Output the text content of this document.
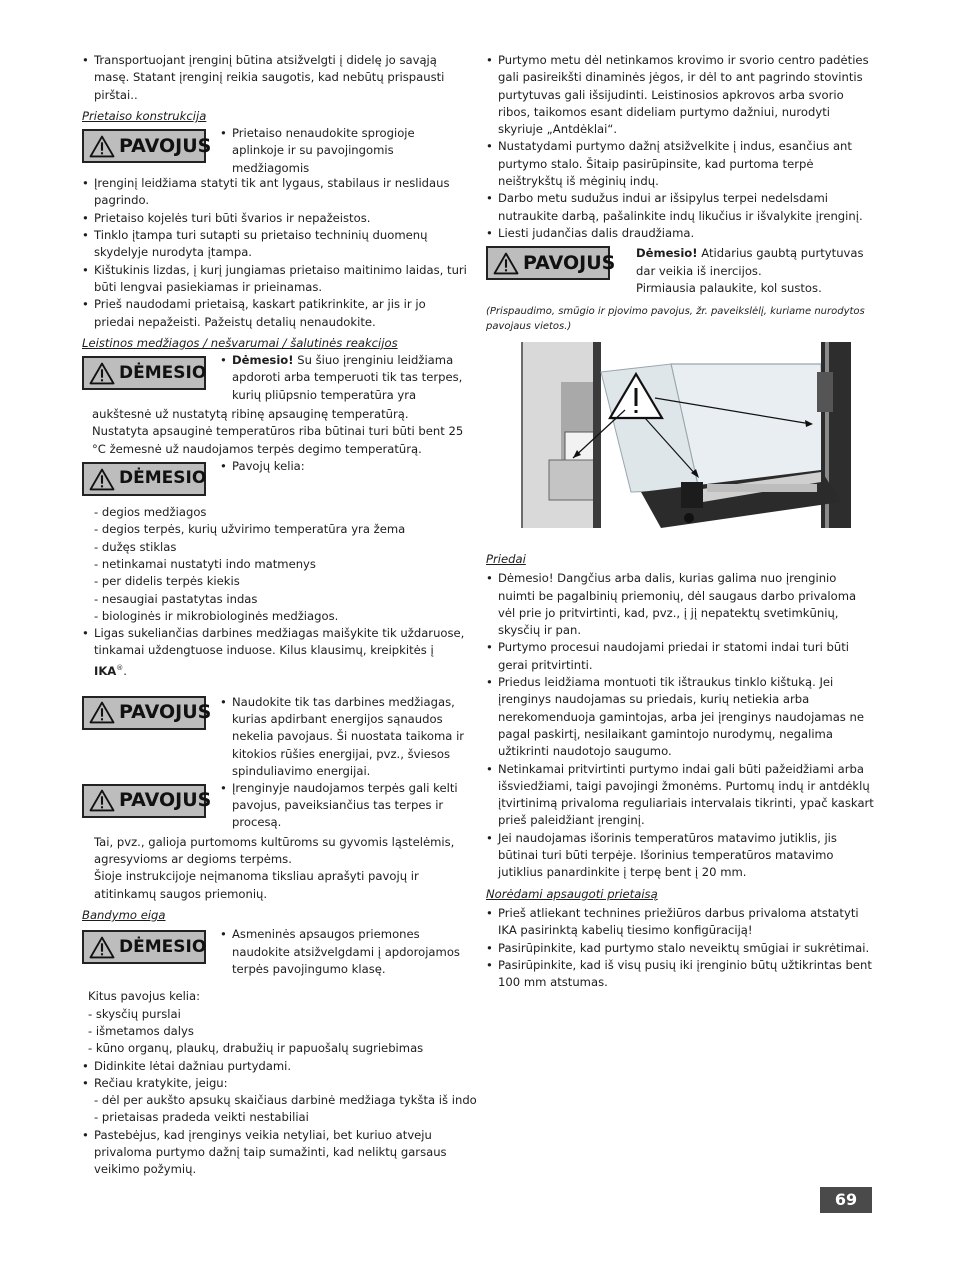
• Transportuojant įrenginį būtina atsižvelgti į didelę jo savąją masę. Statant įrenginį reikia saugotis, kad nebūtų prispausti pirštai..
Prietaiso konstrukcija
PAVOJUS
• Prietaiso nenaudokite sprogioje aplinkoje ir su pavojingomis medžiagomis
• Įrenginį leidžiama statyti tik ant lygaus, stabilaus ir neslidaus pagrindo.
• Prietaiso kojelės turi būti švarios ir nepažeistos.
• Tinklo įtampa turi sutapti su prietaiso techninių duomenų skydelyje nurodyta įtampa.
• Kištukinis lizdas, į kurį jungiamas prietaiso maitinimo laidas, turi būti lengvai pasiekiamas ir prieinamas.
• Prieš naudodami prietaisą, kaskart patikrinkite, ar jis ir jo priedai nepažeisti. Pažeistų detalių nenaudokite.
Leistinos medžiagos / nešvarumai / šalutinės reakcijos
DĖMESIO
• Dėmesio! Su šiuo įrenginiu leidžiama apdoroti arba temperuoti tik tas terpes, kurių pliūpsnio temperatūra yra
aukštesnė už nustatytą ribinę apsauginę temperatūrą. Nustatyta apsauginė temperatūros riba būtinai turi būti bent 25 °C žemesnė už naudojamos terpės degimo temperatūrą.
DĖMESIO
• Pavojų kelia:
- degios medžiagos
- degios terpės, kurių užvirimo temperatūra yra žema
- dužęs stiklas
- netinkamai nustatyti indo matmenys
- per didelis terpės kiekis
- nesaugiai pastatytas indas
- biologinės ir mikrobiologinės medžiagos.
• Ligas sukeliančias darbines medžiagas maišykite tik uždaruose, tinkamai uždengtuose induose. Kilus klausimų, kreipkitės į IKA®.
PAVOJUS
•	Naudokite tik tas darbines medžiagas, kurias apdirbant energijos sąnaudos nekelia pavojaus. Ši nuostata taikoma ir kitokios rūšies energijai, pvz., šviesos spinduliavimo energijai.
PAVOJUS
• Įrenginyje naudojamos terpės gali kelti pavojus, paveiksiančius tas terpes ir procesą.
Tai, pvz., galioja purtomoms kultūroms su gyvomis ląstelėmis, agresyvioms ar degioms terpėms.
Šioje instrukcijoje neįmanoma tiksliau aprašyti pavojų ir atitinkamų saugos priemonių.
Bandymo eiga
DĖMESIO
• Asmeninės apsaugos priemones naudokite atsižvelgdami į apdorojamos terpės pavojingumo klasę.
Kitus pavojus kelia:
- skysčių purslai
- išmetamos dalys
- kūno organų, plaukų, drabužių ir papuošalų sugriebimas
• Didinkite lėtai dažniau purtydami.
• Rečiau kratykite, jeigu:
- dėl per aukšto apsukų skaičiaus darbinė medžiaga tykšta iš indo
- prietaisas pradeda veikti nestabiliai
• Pastebėjus, kad įrenginys veikia netyliai, bet kuriuo atveju privaloma purtymo dažnį taip sumažinti, kad neliktų garsaus veikimo požymių.
• Purtymo metu dėl netinkamos krovimo ir svorio centro padėties gali pasireikšti dinaminės jėgos, ir dėl to ant pagrindo stovintis purtytuvas gali išsijudinti. Leistinosios apkrovos arba svorio ribos, taikomos esant dideliam purtymo dažniui, nurodyti skyriuje „Antdėklai“.
• Nustatydami purtymo dažnį atsižvelkite į indus, esančius ant purtymo stalo. Šitaip pasirūpinsite, kad purtoma terpė neištrykštų iš mėginių indų.
• Darbo metu sudužus indui ar išsipylus terpei nedelsdami nutraukite darbą, pašalinkite indų likučius ir išvalykite įrenginį.
• Liesti judančias dalis draudžiama.
PAVOJUS Dėmesio! Atidarius gaubtą purtytuvas dar veikia iš inercijos.
Pirmiausia palaukite, kol sustos.
(Prispaudimo, smūgio ir pjovimo pavojus, žr. paveikslėlį, kuriame nurodytos pavojaus vietos.)
Priedai
• Dėmesio! Dangčius arba dalis, kurias galima nuo įrenginio nuimti be pagalbinių priemonių, dėl saugaus darbo privaloma vėl prie jo pritvirtinti, kad, pvz., į jį nepatektų svetimkūnių, skysčių ir pan.
• Purtymo procesui naudojami priedai ir statomi indai turi būti gerai pritvirtinti.
• Priedus leidžiama montuoti tik ištraukus tinklo kištuką. Jei įrenginys naudojamas su priedais, kurių netiekia arba nerekomenduoja gamintojas, arba jei įrenginys naudojamas ne pagal paskirtį, nesilaikant gamintojo nurodymų, negalima užtikrinti naudotojo saugumo.
• Netinkamai pritvirtinti purtymo indai gali būti pažeidžiami arba išsviedžiami, taigi pavojingi žmonėms. Purtomų indų ir antdėklų įtvirtinimą privaloma reguliariais intervalais tikrinti, ypač kaskart prieš paleidžiant įrenginį.
• Jei naudojamas išorinis temperatūros matavimo jutiklis, jis būtinai turi būti terpėje. Išorinius temperatūros matavimo jutiklius panardinkite į terpę bent į 20 mm.
Norėdami apsaugoti prietaisą
• Prieš atliekant technines priežiūros darbus privaloma atstatyti IKA pasirinktą kabelių tiesimo konfigūraciją!
• Pasirūpinkite, kad purtymo stalo neveiktų smūgiai ir sukrėtimai.
• Pasirūpinkite, kad iš visų pusių iki įrenginio būtų užtikrintas bent 100 mm atstumas.
69
